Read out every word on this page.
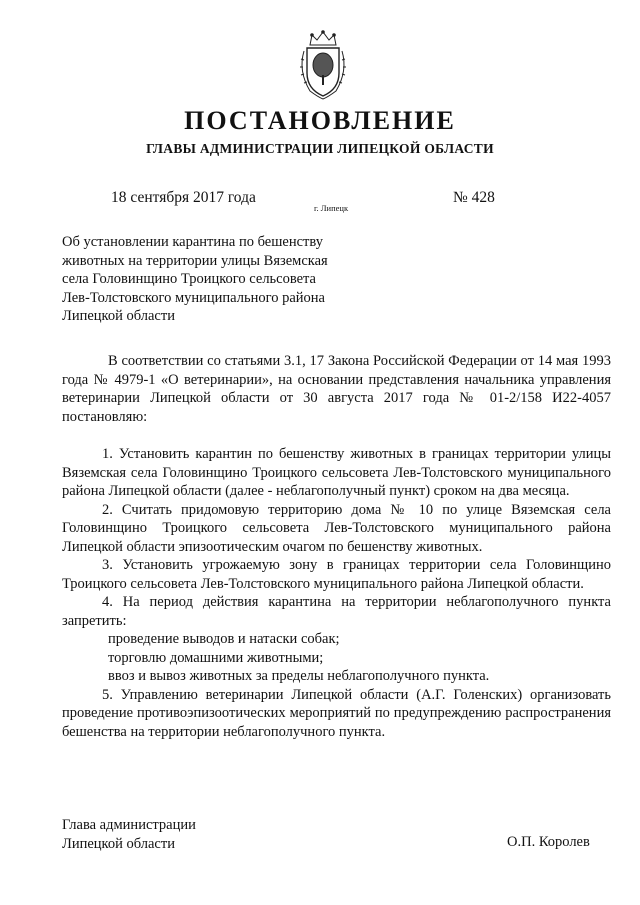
ПОСТАНОВЛЕНИЕ
ГЛАВЫ АДМИНИСТРАЦИИ ЛИПЕЦКОЙ ОБЛАСТИ
18 сентября 2017 года
г. Липецк
№ 428
Об установлении карантина по бешенству
животных на территории улицы Вяземская
села Головинщино Троицкого сельсовета
Лев-Толстовского муниципального района
Липецкой области

В соответствии со статьями 3.1, 17 Закона Российской Федерации от 14 мая 1993 года № 4979-1 «О ветеринарии», на основании представления начальника управления ветеринарии Липецкой области от 30 августа 2017 года № 01-2/158 И22-4057 постановляю:

1. Установить карантин по бешенству животных в границах территории улицы Вяземская села Головинщино Троицкого сельсовета Лев-Толстовского муниципального района Липецкой области (далее - неблагополучный пункт) сроком на два месяца.

2. Считать придомовую территорию дома № 10 по улице Вяземская села Головинщино Троицкого сельсовета Лев-Толстовского муниципального района Липецкой области эпизоотическим очагом по бешенству животных.

3. Установить угрожаемую зону в границах территории села Головинщино Троицкого сельсовета Лев-Толстовского муниципального района Липецкой области.

4. На период действия карантина на территории неблагополучного пункта запретить:

проведение выводов и натаски собак;

торговлю домашними животными;

ввоз и вывоз животных за пределы неблагополучного пункта.

5. Управлению ветеринарии Липецкой области (А.Г. Голенских) организовать проведение противоэпизоотических мероприятий по предупреждению распространения бешенства на территории неблагополучного пункта.

Глава администрации
Липецкой области	О.П. Королев
